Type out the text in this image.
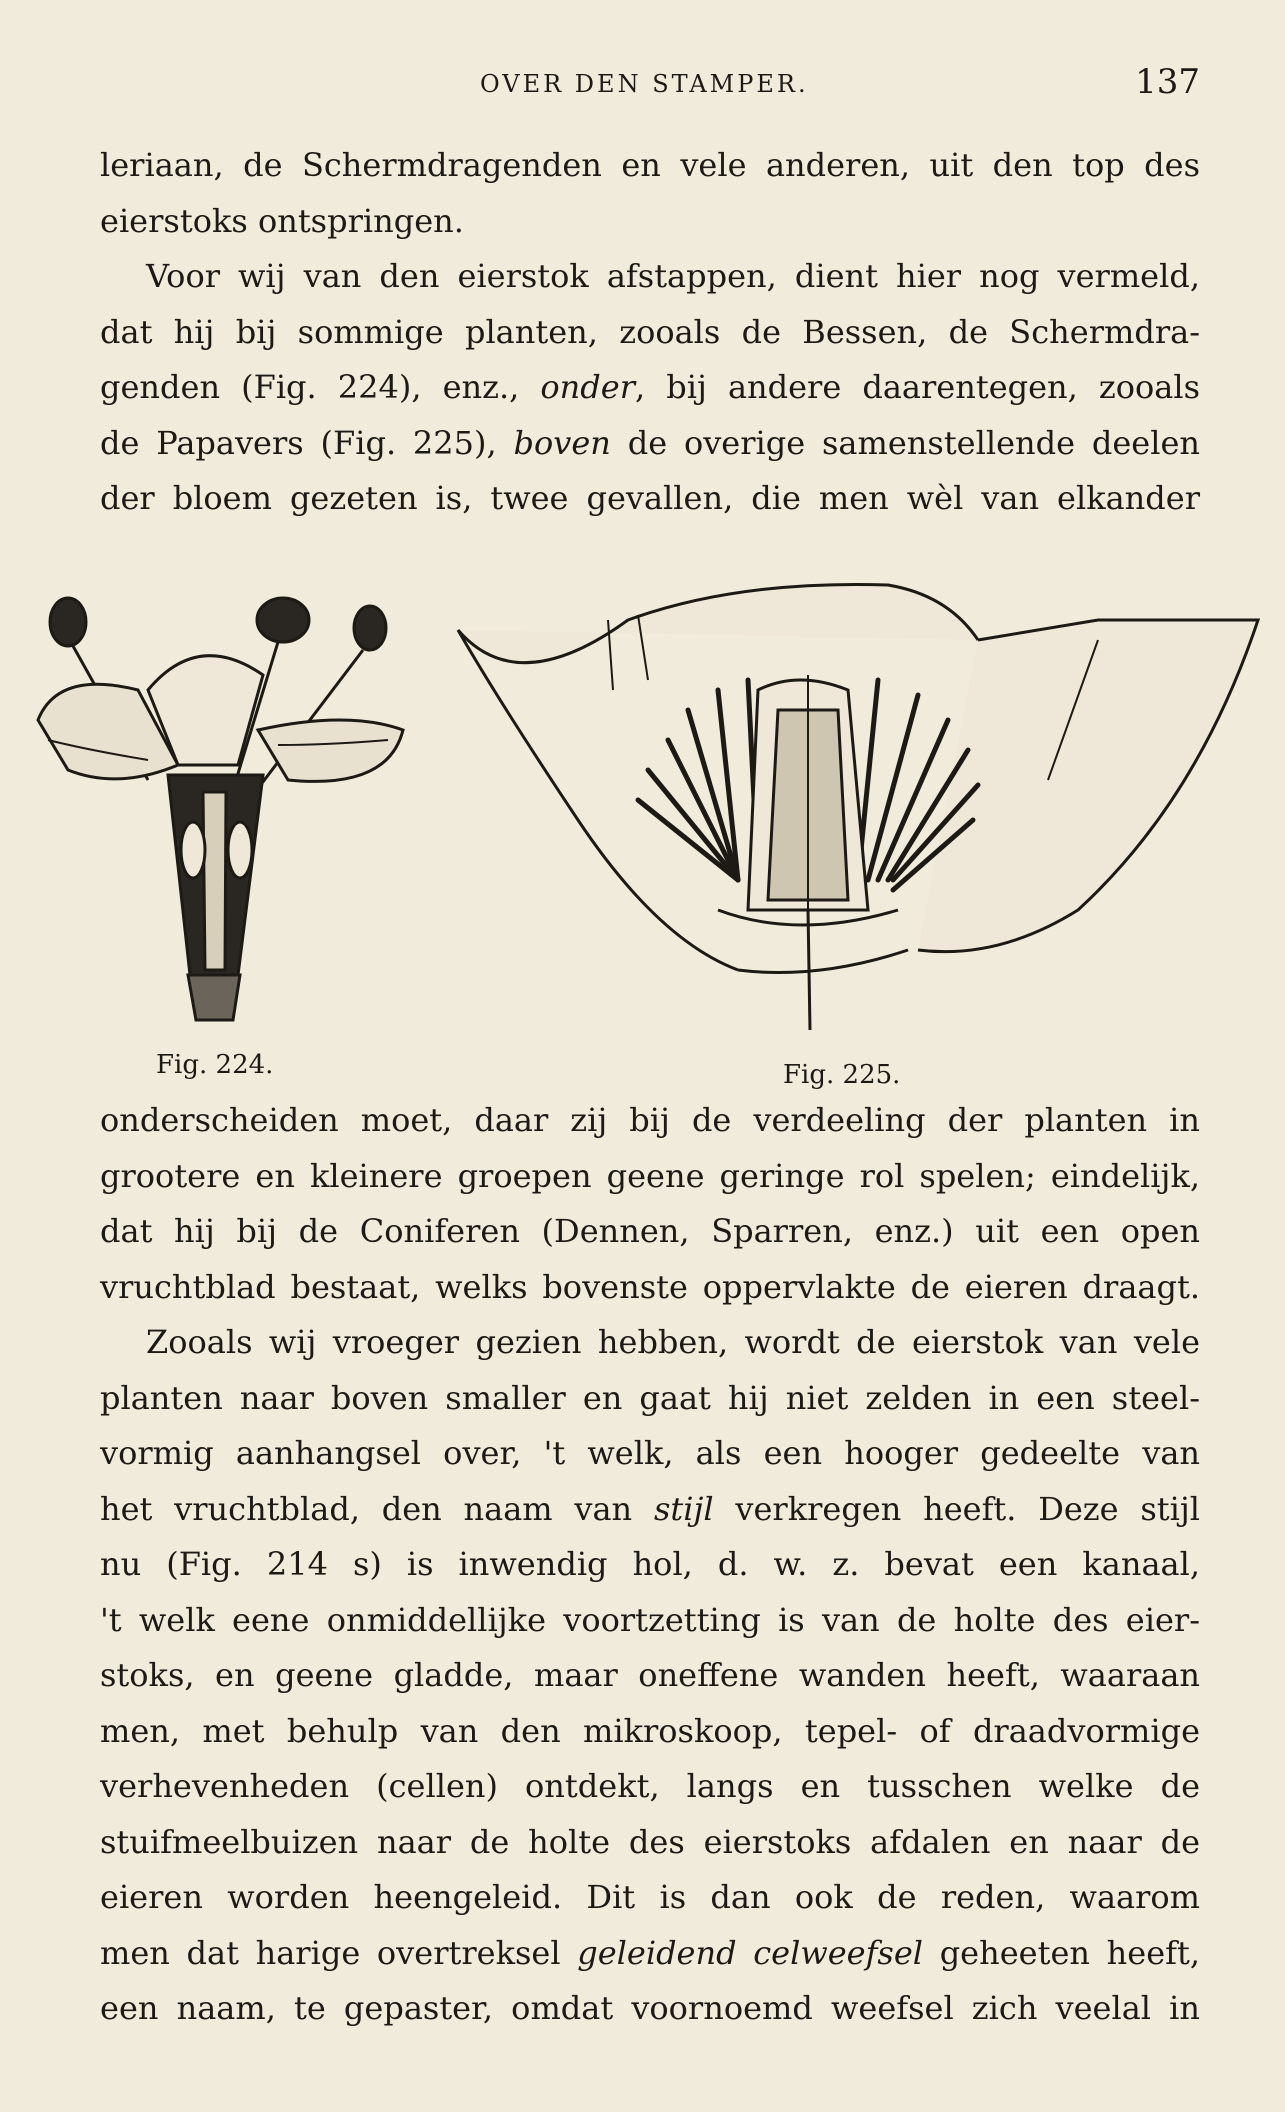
OVER DEN STAMPER.	137

leriaan, de Schermdragenden en vele anderen, uit den top des
eierstoks ontspringen.

Voor wij van den eierstok afstappen, dient hier nog vermeld,
dat hij bij sommige planten, zooals de Bessen, de Schermdra-
genden (Fig. 224), enz., onder, bij andere daarentegen, zooals
de Papavers (Fig. 225), boven de overige samenstellende deelen
der bloem gezeten is, twee gevallen, die men wèl van elkander

Fig. 224.	Fig. 225.

onderscheiden moet, daar zij bij de verdeeling der planten in
grootere en kleinere groepen geene geringe rol spelen; eindelijk,
dat hij bij de Coniferen (Dennen, Sparren, enz.) uit een open
vruchtblad bestaat, welks bovenste oppervlakte de eieren draagt.

Zooals wij vroeger gezien hebben, wordt de eierstok van vele
planten naar boven smaller en gaat hij niet zelden in een steel-
vormig aanhangsel over, 't welk, als een hooger gedeelte van
het vruchtblad, den naam van stijl verkregen heeft. Deze stijl
nu (Fig. 214 s) is inwendig hol, d. w. z. bevat een kanaal,
't welk eene onmiddellijke voortzetting is van de holte des eier-
stoks, en geene gladde, maar oneffene wanden heeft, waaraan
men, met behulp van den mikroskoop, tepel- of draadvormige
verhevenheden (cellen) ontdekt, langs en tusschen welke de
stuifmeelbuizen naar de holte des eierstoks afdalen en naar de
eieren worden heengeleid. Dit is dan ook de reden, waarom
men dat harige overtreksel geleidend celweefsel geheeten heeft,
een naam, te gepaster, omdat voornoemd weefsel zich veelal in
